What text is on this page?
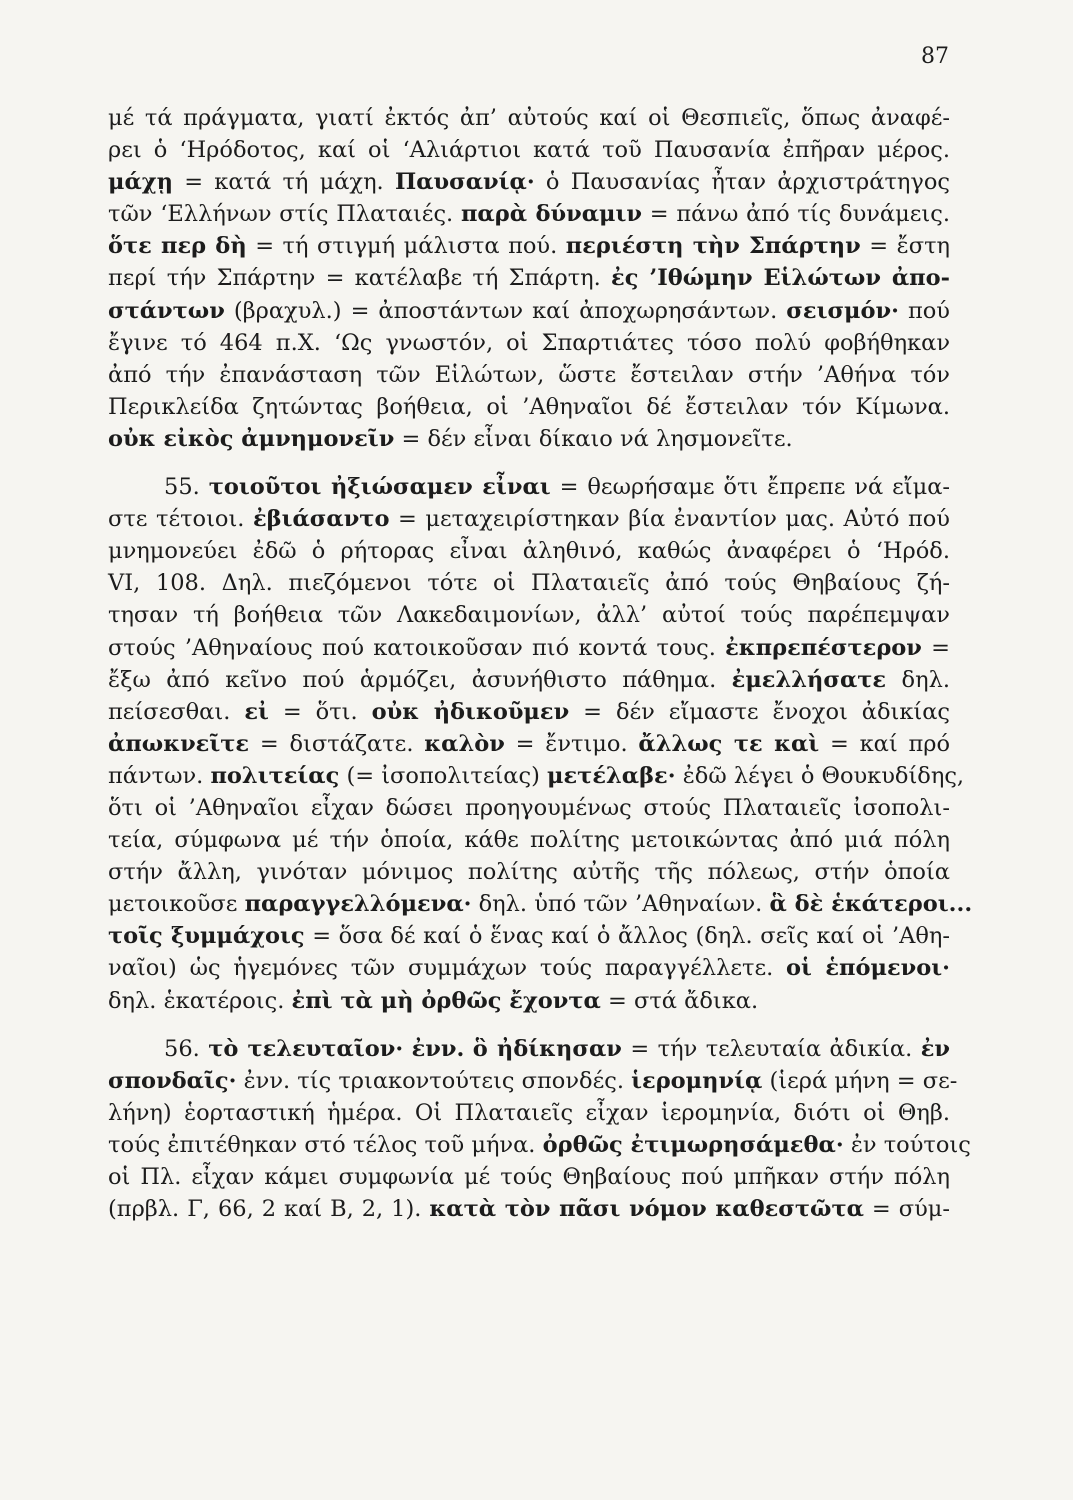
87
μέ τά πράγματα, γιατί ἐκτός ἀπ’ αὐτούς καί οἱ Θεσπιεῖς, ὅπως ἀναφέ-
ρει ὁ ‘Ηρόδοτος, καί οἱ ‘Αλιάρτιοι κατά τοῦ Παυσανία ἐπῆραν μέρος.
μάχῃ = κατά τή μάχη. Παυσανίᾳ· ὁ Παυσανίας ἦταν ἀρχιστράτηγος
τῶν ‘Ελλήνων στίς Πλαταιές. παρὰ δύναμιν = πάνω ἀπό τίς δυνάμεις.
ὅτε περ δὴ = τή στιγμή μάλιστα πού. περιέστη τὴν Σπάρτην = ἔστη
περί τήν Σπάρτην = κατέλαβε τή Σπάρτη. ἐς ’Ιθώμην Εἱλώτων ἀπο-
στάντων (βραχυλ.) = ἀποστάντων καί ἀποχωρησάντων. σεισμόν· πού
ἔγινε τό 464 π.Χ. ‘Ως γνωστόν, οἱ Σπαρτιάτες τόσο πολύ φοβήθηκαν
ἀπό τήν ἐπανάσταση τῶν Εἱλώτων, ὥστε ἔστειλαν στήν ’Αθήνα τόν
Περικλείδα ζητώντας βοήθεια, οἱ ’Αθηναῖοι δέ ἔστειλαν τόν Κίμωνα.
οὐκ εἰκὸς ἀμνημονεῖν = δέν εἶναι δίκαιο νά λησμονεῖτε.
55. τοιοῦτοι ἠξιώσαμεν εἶναι = θεωρήσαμε ὅτι ἔπρεπε νά εἴμα-
στε τέτοιοι. ἐβιάσαντο = μεταχειρίστηκαν βία ἐναντίον μας. Αὐτό πού
μνημονεύει ἐδῶ ὁ ρήτορας εἶναι ἀληθινό, καθώς ἀναφέρει ὁ ‘Ηρόδ.
VI, 108. Δηλ. πιεζόμενοι τότε οἱ Πλαταιεῖς ἀπό τούς Θηβαίους ζή-
τησαν τή βοήθεια τῶν Λακεδαιμονίων, ἀλλ’ αὐτοί τούς παρέπεμψαν
στούς ’Αθηναίους πού κατοικοῦσαν πιό κοντά τους. ἐκπρεπέστερον =
ἔξω ἀπό κεῖνο πού ἁρμόζει, ἀσυνήθιστο πάθημα. ἐμελλήσατε δηλ.
πείσεσθαι. εἰ = ὅτι. οὐκ ἠδικοῦμεν = δέν εἴμαστε ἔνοχοι ἀδικίας
ἀπωκνεῖτε = διστάζατε. καλὸν = ἔντιμο. ἄλλως τε καὶ = καί πρό
πάντων. πολιτείας (= ἰσοπολιτείας) μετέλαβε· ἐδῶ λέγει ὁ Θουκυδίδης,
ὅτι οἱ ’Αθηναῖοι εἶχαν δώσει προηγουμένως στούς Πλαταιεῖς ἰσοπολι-
τεία, σύμφωνα μέ τήν ὁποία, κάθε πολίτης μετοικώντας ἀπό μιά πόλη
στήν ἄλλη, γινόταν μόνιμος πολίτης αὐτῆς τῆς πόλεως, στήν ὁποία
μετοικοῦσε παραγγελλόμενα· δηλ. ὑπό τῶν ’Αθηναίων. ἃ δὲ ἑκάτεροι...
τοῖς ξυμμάχοις = ὅσα δέ καί ὁ ἕνας καί ὁ ἄλλος (δηλ. σεῖς καί οἱ ’Αθη-
ναῖοι) ὡς ἡγεμόνες τῶν συμμάχων τούς παραγγέλλετε. οἱ ἑπόμενοι·
δηλ. ἑκατέροις. ἐπὶ τὰ μὴ ὀρθῶς ἔχοντα = στά ἄδικα.
56. τὸ τελευταῖον· ἐνν. ὃ ἠδίκησαν = τήν τελευταία ἀδικία. ἐν
σπονδαῖς· ἐνν. τίς τριακοντούτεις σπονδές. ἱερομηνίᾳ (ἱερά μήνη = σε-
λήνη) ἑορταστική ἡμέρα. Οἱ Πλαταιεῖς εἶχαν ἱερομηνία, διότι οἱ Θηβ.
τούς ἐπιτέθηκαν στό τέλος τοῦ μήνα. ὀρθῶς ἐτιμωρησάμεθα· ἐν τούτοις
οἱ Πλ. εἶχαν κάμει συμφωνία μέ τούς Θηβαίους πού μπῆκαν στήν πόλη
(πρβλ. Γ, 66, 2 καί Β, 2, 1). κατὰ τὸν πᾶσι νόμον καθεστῶτα = σύμ-
